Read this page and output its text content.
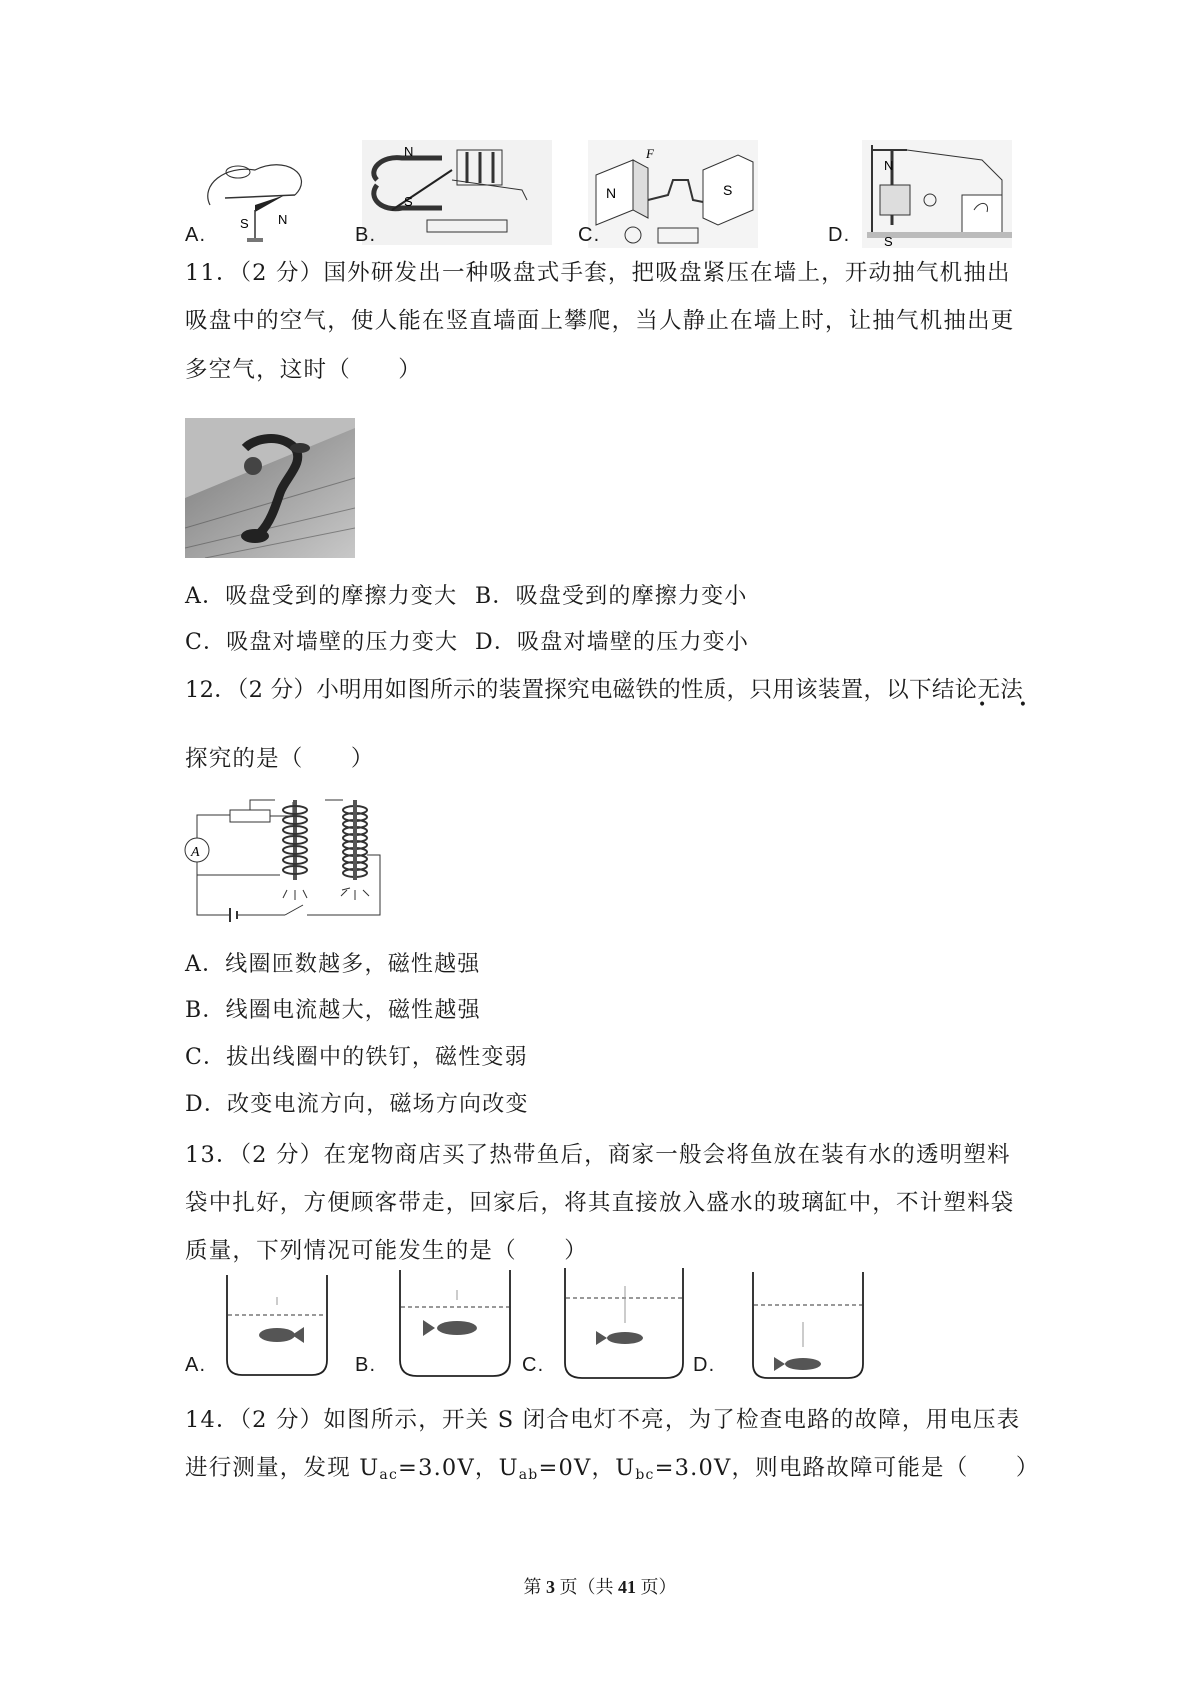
S N
A.
N
S
B.
F
N	S
C.
N
S
D.
11．（2 分）国外研发出一种吸盘式手套，把吸盘紧压在墙上，开动抽气机抽出
吸盘中的空气，使人能在竖直墙面上攀爬，当人静止在墙上时，让抽气机抽出更
多空气，这时（　　）
A．吸盘受到的摩擦力变大 B．吸盘受到的摩擦力变小
C．吸盘对墙壁的压力变大 D．吸盘对墙壁的压力变小
12．（2 分）小明用如图所示的装置探究电磁铁的性质，只用该装置，以下结论无法
• •
探究的是（　　）
A
A．线圈匝数越多，磁性越强
B．线圈电流越大，磁性越强
C．拔出线圈中的铁钉，磁性变弱
D．改变电流方向，磁场方向改变
13．（2 分）在宠物商店买了热带鱼后，商家一般会将鱼放在装有水的透明塑料
袋中扎好，方便顾客带走，回家后，将其直接放入盛水的玻璃缸中，不计塑料袋
质量，下列情况可能发生的是（　　）
A.	B.	C.	D.
14．（2 分）如图所示，开关 S 闭合电灯不亮，为了检查电路的故障，用电压表
进行测量，发现 $U_{ac}=3.0V$，$U_{ab}=0V$，$U_{bc}=3.0V$，则电路故障可能是（　　）
第 3 页（共 41 页）
